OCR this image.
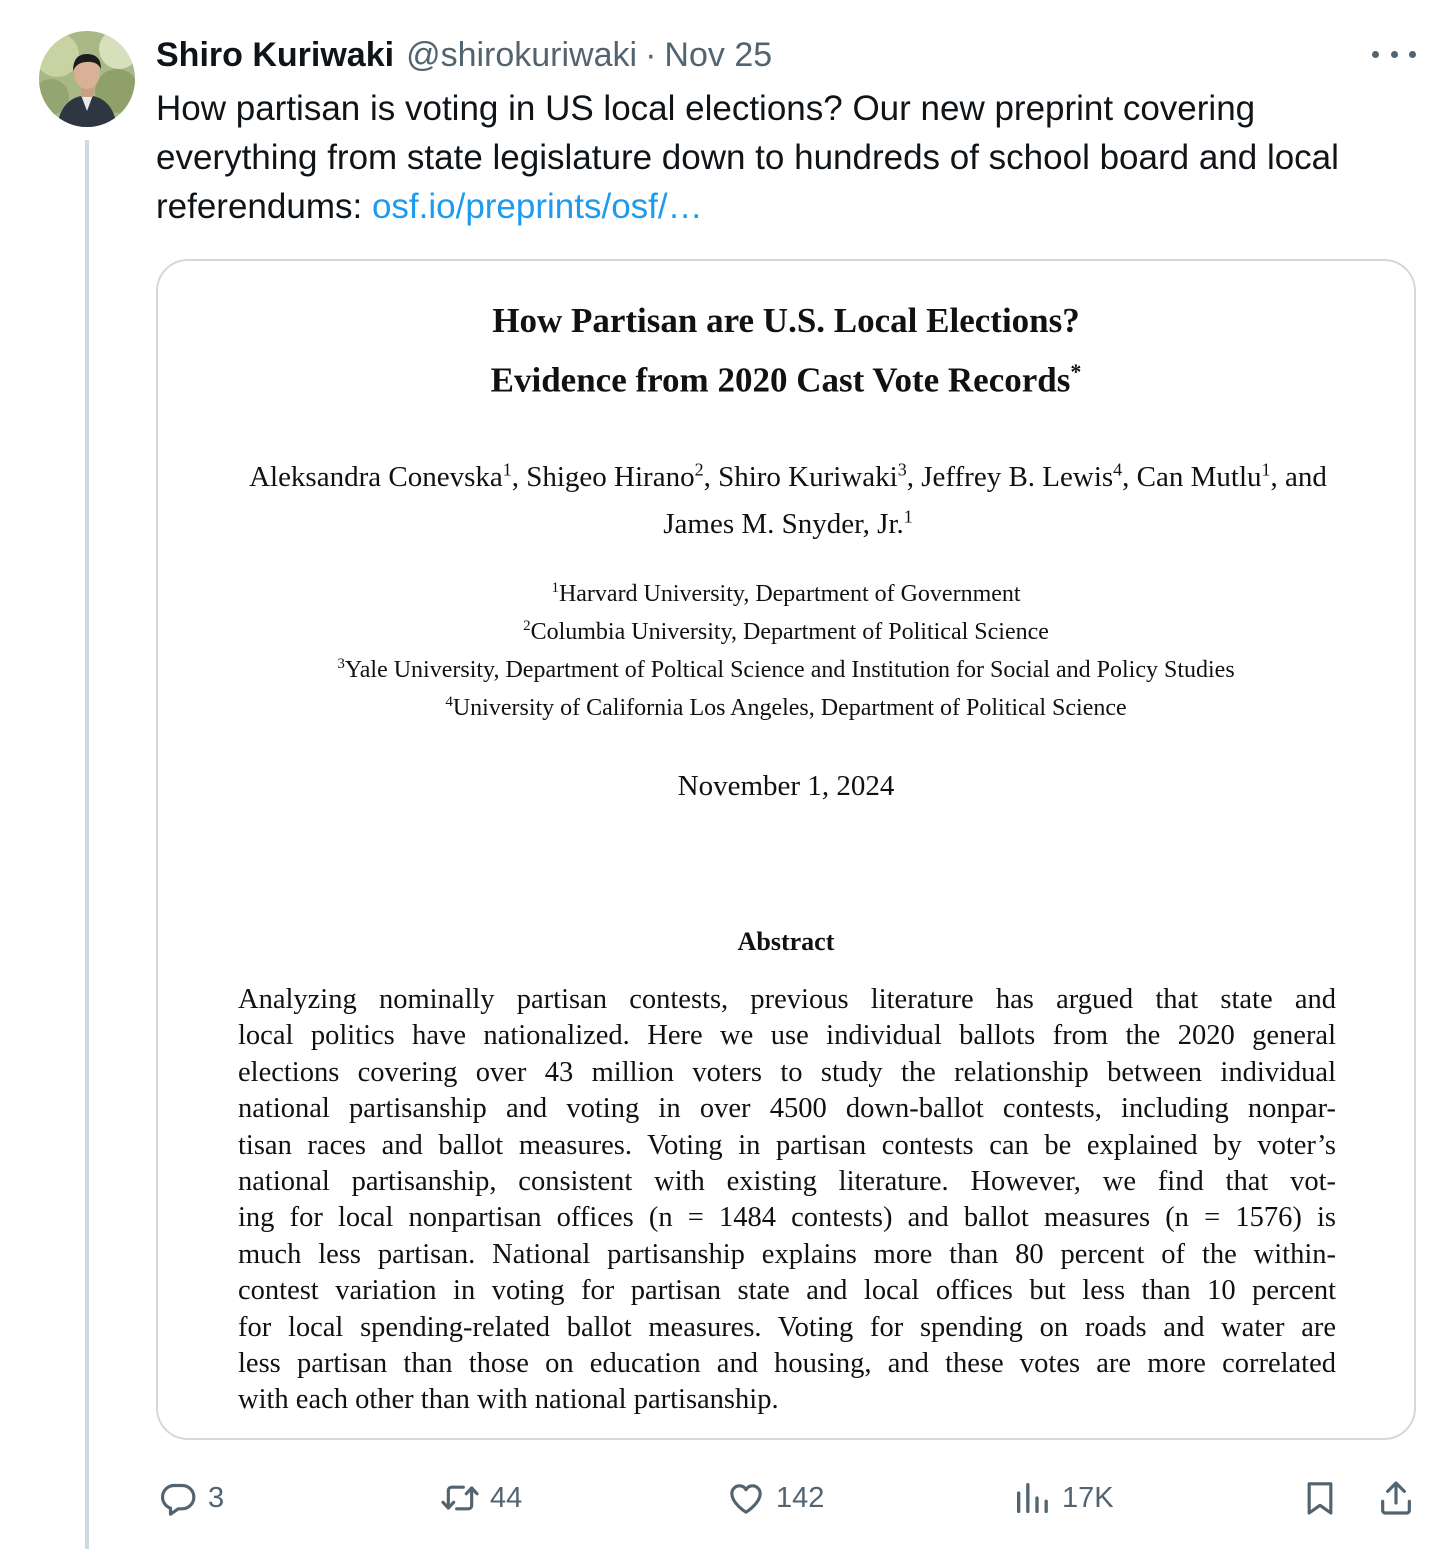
Shiro Kuriwaki @shirokuriwaki · Nov 25
How partisan is voting in US local elections? Our new preprint covering everything from state legislature down to hundreds of school board and local referendums: osf.io/preprints/osf/…
How Partisan are U.S. Local Elections?
Evidence from 2020 Cast Vote Records*
Aleksandra Conevska$^1$, Shigeo Hirano$^2$, Shiro Kuriwaki$^3$, Jeffrey B. Lewis$^4$, Can Mutlu$^1$, and
James M. Snyder, Jr.$^1$
$^1$Harvard University, Department of Government
$^2$Columbia University, Department of Political Science
$^3$Yale University, Department of Poltical Science and Institution for Social and Policy Studies
$^4$University of California Los Angeles, Department of Political Science
November 1, 2024
Abstract
Analyzing nominally partisan contests, previous literature has argued that state and
local politics have nationalized. Here we use individual ballots from the 2020 general
elections covering over 43 million voters to study the relationship between individual
national partisanship and voting in over 4500 down-ballot contests, including nonpar-
tisan races and ballot measures. Voting in partisan contests can be explained by voter’s
national partisanship, consistent with existing literature. However, we find that vot-
ing for local nonpartisan offices (n = 1484 contests) and ballot measures (n = 1576) is
much less partisan. National partisanship explains more than 80 percent of the within-
contest variation in voting for partisan state and local offices but less than 10 percent
for local spending-related ballot measures. Voting for spending on roads and water are
less partisan than those on education and housing, and these votes are more correlated
with each other than with national partisanship.
3	44	142	17K
